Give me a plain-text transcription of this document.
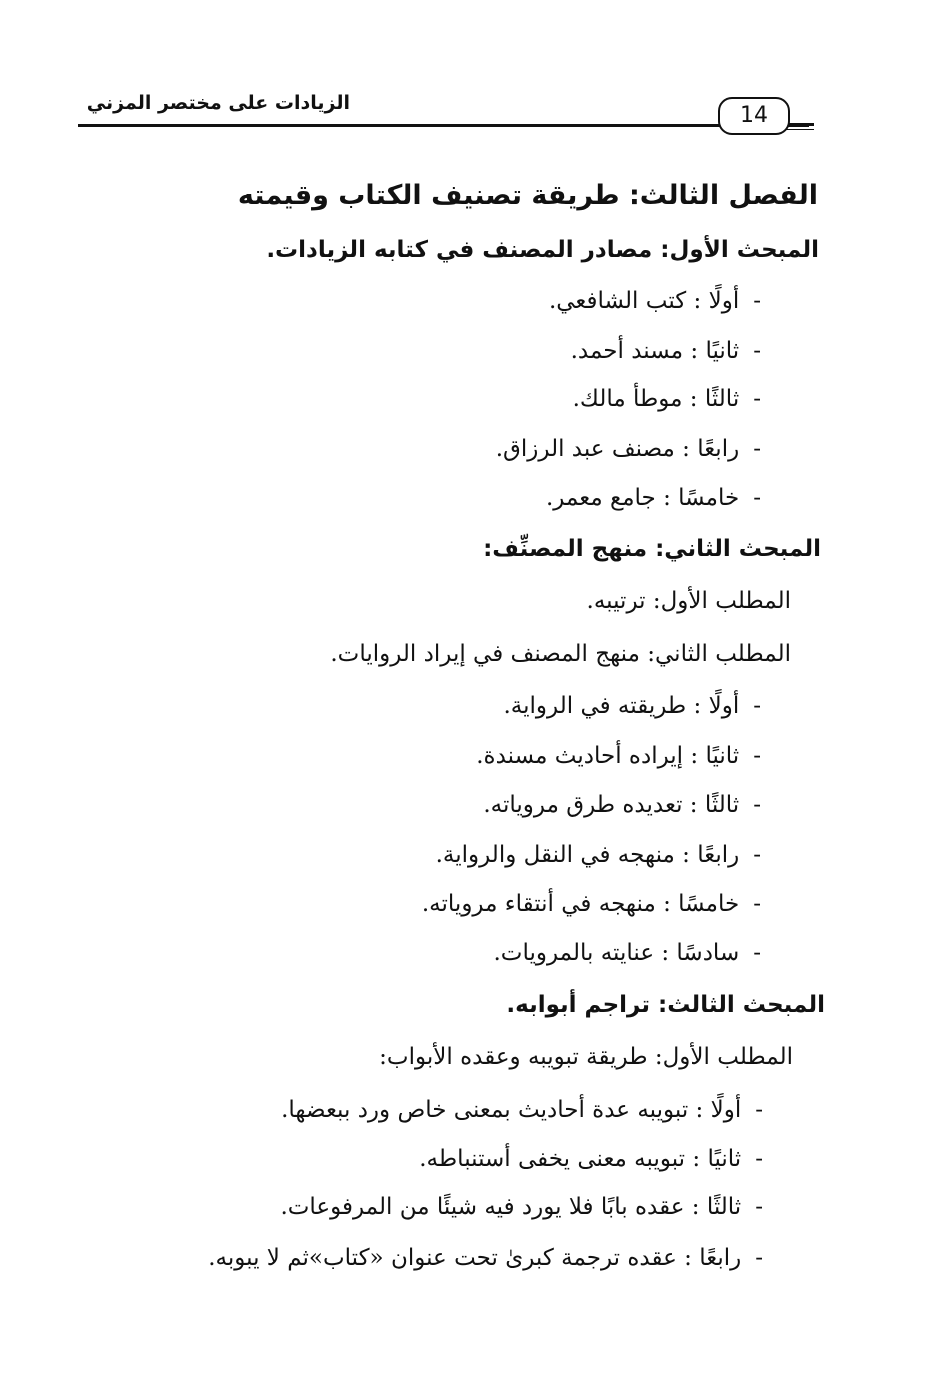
الزيادات على مختصر المزني	14
الفصل الثالث: طريقة تصنيف الكتاب وقيمته
المبحث الأول: مصادر المصنف في كتابه الزيادات.
-أولًا : كتب الشافعي.
-ثانيًا : مسند أحمد.
-ثالثًا : موطأ مالك.
-رابعًا : مصنف عبد الرزاق.
-خامسًا : جامع معمر.
المبحث الثاني: منهج المصنِّف:
المطلب الأول: ترتيبه.
المطلب الثاني: منهج المصنف في إيراد الروايات.
-أولًا : طريقته في الرواية.
-ثانيًا : إيراده أحاديث مسندة.
-ثالثًا : تعديده طرق مروياته.
-رابعًا : منهجه في النقل والرواية.
-خامسًا : منهجه في أنتقاء مروياته.
-سادسًا : عنايته بالمرويات.
المبحث الثالث: تراجم أبوابه.
المطلب الأول: طريقة تبويبه وعقده الأبواب:
-أولًا : تبويبه عدة أحاديث بمعنى خاص ورد ببعضها.
-ثانيًا : تبويبه معنى يخفى أستنباطه.
-ثالثًا : عقده بابًا فلا يورد فيه شيئًا من المرفوعات.
-رابعًا : عقده ترجمة كبرىٰ تحت عنوان «كتاب»ثم لا يبوبه.
